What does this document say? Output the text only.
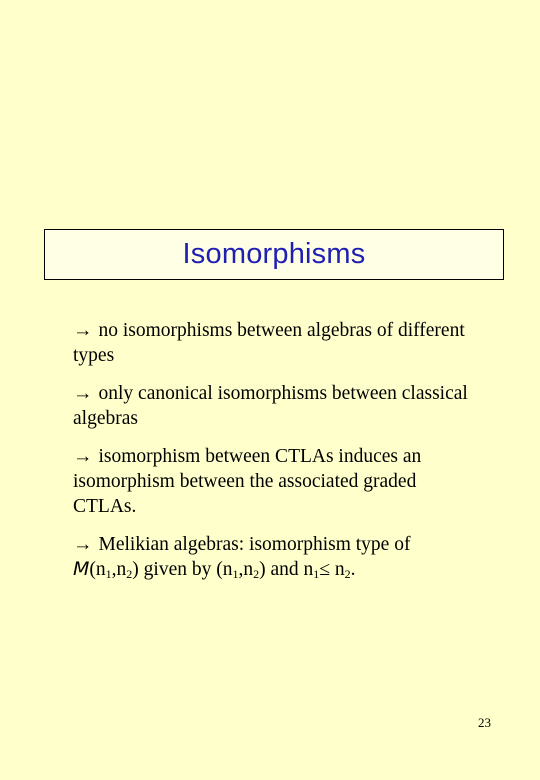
Isomorphisms
→ no isomorphisms between algebras of different types
→ only canonical isomorphisms between classical algebras
→ isomorphism between CTLAs induces an isomorphism between the associated graded CTLAs.
→ Melikian algebras: isomorphism type of $M(n_1,n_2)$ given by $(n_1,n_2)$ and $n_1\le n_2$.
23
